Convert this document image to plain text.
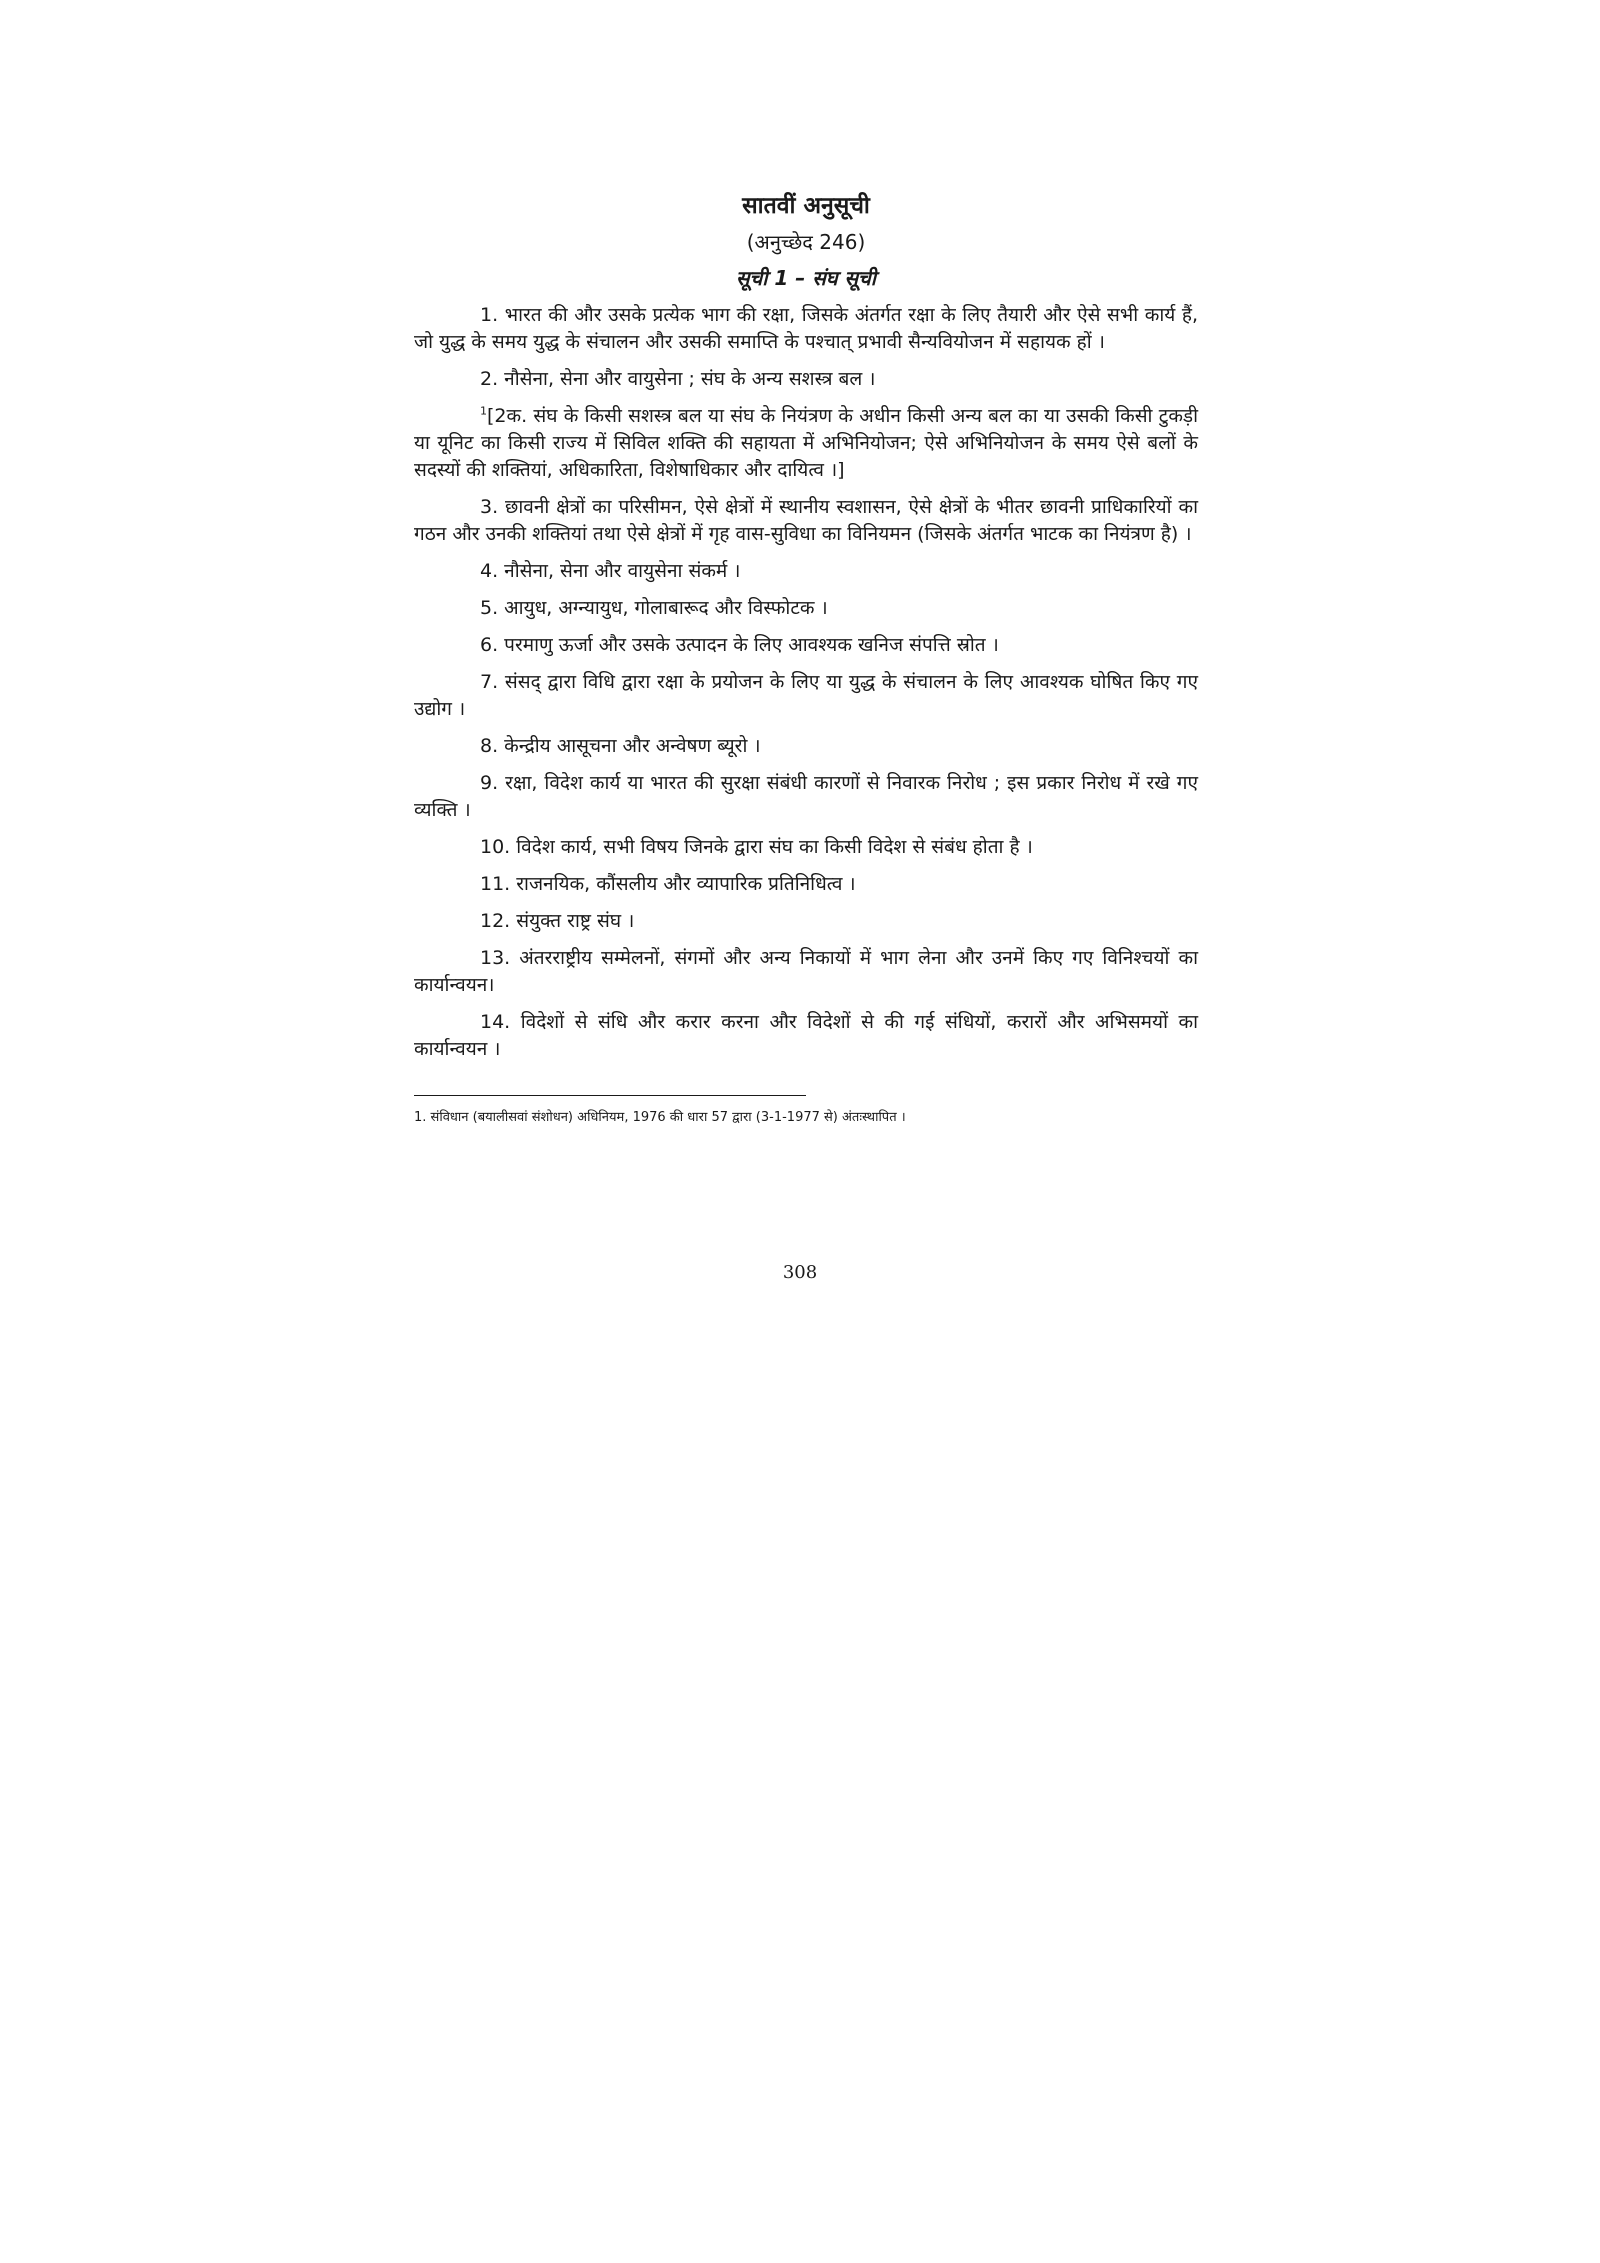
सातवीं अनुसूची

(अनुच्छेद 246)

सूची 1 – संघ सूची

1. भारत की और उसके प्रत्येक भाग की रक्षा, जिसके अंतर्गत रक्षा के लिए तैयारी और ऐसे सभी कार्य हैं, जो युद्ध के समय युद्ध के संचालन और उसकी समाप्ति के पश्चात् प्रभावी सैन्यवियोजन में सहायक हों ।

2. नौसेना, सेना और वायुसेना ; संघ के अन्य सशस्त्र बल ।

$^1$[2क. संघ के किसी सशस्त्र बल या संघ के नियंत्रण के अधीन किसी अन्य बल का या उसकी किसी टुकड़ी या यूनिट का किसी राज्य में सिविल शक्ति की सहायता में अभिनियोजन; ऐसे अभिनियोजन के समय ऐसे बलों के सदस्यों की शक्तियां, अधिकारिता, विशेषाधिकार और दायित्व ।]

3. छावनी क्षेत्रों का परिसीमन, ऐसे क्षेत्रों में स्थानीय स्वशासन, ऐसे क्षेत्रों के भीतर छावनी प्राधिकारियों का गठन और उनकी शक्तियां तथा ऐसे क्षेत्रों में गृह वास-सुविधा का विनियमन (जिसके अंतर्गत भाटक का नियंत्रण है) ।

4. नौसेना, सेना और वायुसेना संकर्म ।

5. आयुध, अग्न्यायुध, गोलाबारूद और विस्फोटक ।

6. परमाणु ऊर्जा और उसके उत्पादन के लिए आवश्यक खनिज संपत्ति स्रोत ।

7. संसद् द्वारा विधि द्वारा रक्षा के प्रयोजन के लिए या युद्ध के संचालन के लिए आवश्यक घोषित किए गए उद्योग ।

8. केन्द्रीय आसूचना और अन्वेषण ब्यूरो ।

9. रक्षा, विदेश कार्य या भारत की सुरक्षा संबंधी कारणों से निवारक निरोध ; इस प्रकार निरोध में रखे गए व्यक्ति ।

10. विदेश कार्य, सभी विषय जिनके द्वारा संघ का किसी विदेश से संबंध होता है ।

11. राजनयिक, कौंसलीय और व्यापारिक प्रतिनिधित्व ।

12. संयुक्त राष्ट्र संघ ।

13. अंतरराष्ट्रीय सम्मेलनों, संगमों और अन्य निकायों में भाग लेना और उनमें किए गए विनिश्चयों का कार्यान्वयन।

14. विदेशों से संधि और करार करना और विदेशों से की गई संधियों, करारों और अभिसमयों का कार्यान्वयन ।

1. संविधान (बयालीसवां संशोधन) अधिनियम, 1976 की धारा 57 द्वारा (3-1-1977 से) अंतःस्थापित ।

308
